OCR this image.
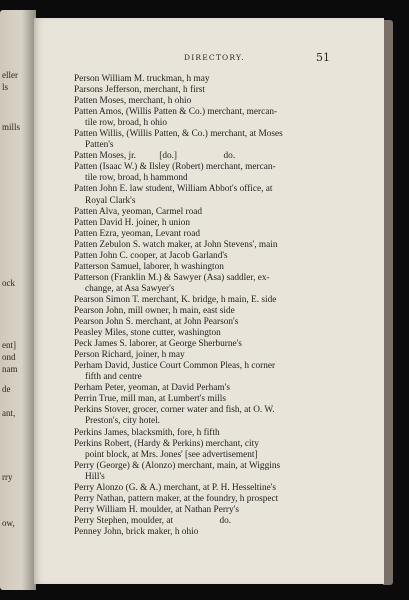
eller
ls
mills
ock
ent]
ond
nam
de
ant,
rry
ow,
DIRECTORY.	51
Person William M. truckman, h may
Parsons Jefferson, merchant, h first
Patten Moses, merchant, h ohio
Patten Amos, (Willis Patten & Co.) merchant, mercan-
tile row, broad, h ohio
Patten Willis, (Willis Patten, & Co.) merchant, at Moses
Patten's
Patten Moses, jr.          [do.]                    do.
Patten (Isaac W.) & Ilsley (Robert) merchant, mercan-
tile row, broad, h hammond
Patten John E. law student, William Abbot's office, at
Royal Clark's
Patten Alva, yeoman, Carmel road
Patten David H. joiner, h union
Patten Ezra, yeoman, Levant road
Patten Zebulon S. watch maker, at John Stevens', main
Patten John C. cooper, at Jacob Garland's
Patterson Samuel, laborer, h washington
Patterson (Franklin M.) & Sawyer (Asa) saddler, ex-
change, at Asa Sawyer's
Pearson Simon T. merchant, K. bridge, h main, E. side
Pearson John, mill owner, h main, east side
Pearson John S. merchant, at John Pearson's
Peasley Miles, stone cutter, washington
Peck James S. laborer, at George Sherburne's
Person Richard, joiner, h may
Perham David, Justice Court Common Pleas, h corner
fifth and centre
Perham Peter, yeoman, at David Perham's
Perrin True, mill man, at Lumbert's mills
Perkins Stover, grocer, corner water and fish, at O. W.
Preston's, city hotel.
Perkins James, blacksmith, fore, h fifth
Perkins Robert, (Hardy & Perkins) merchant, city
point block, at Mrs. Jones' [see advertisement]
Perry (George) & (Alonzo) merchant, main, at Wiggins
Hill's
Perry Alonzo (G. & A.) merchant, at P. H. Hesseltine's
Perry Nathan, pattern maker, at the foundry, h prospect
Perry William H. moulder, at Nathan Perry's
Perry Stephen, moulder, at                    do.
Penney John, brick maker, h ohio
